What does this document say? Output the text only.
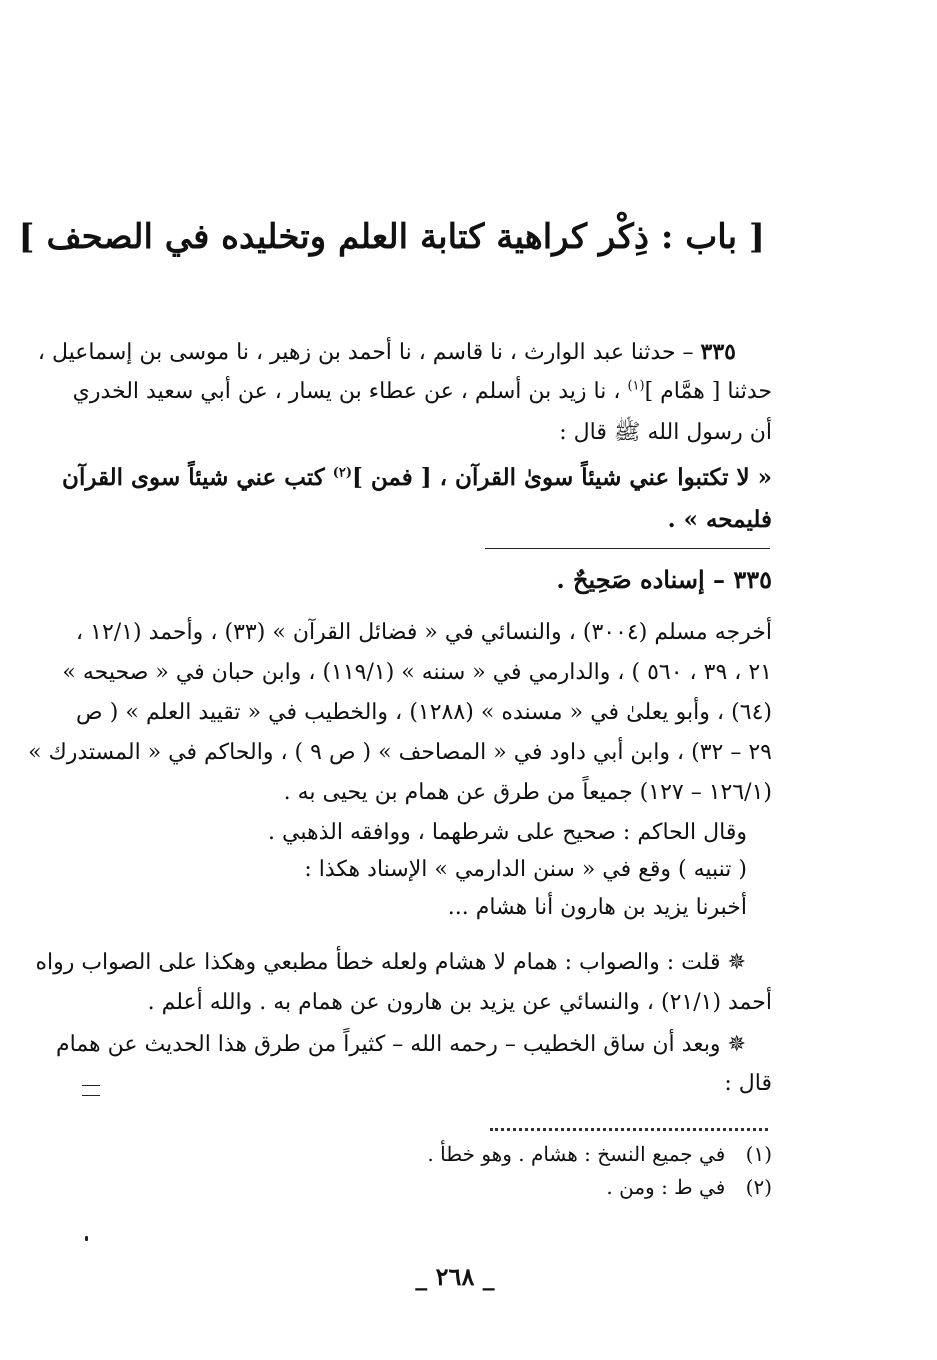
[ باب : ذِكْر كراهية كتابة العلم وتخليده في الصحف ]
٣٣٥ – حدثنا عبد الوارث ، نا قاسم ، نا أحمد بن زهير ، نا موسى بن إسماعيل ،
حدثنا [ همَّام ]$^{(١)}$ ، نا زيد بن أسلم ، عن عطاء بن يسار ، عن أبي سعيد الخدري
أن رسول الله ﷺ قال :
« لا تكتبوا عني شيئاً سوىٰ القرآن ، [ فمن ]$^{(٢)}$ كتب عني شيئاً سوى القرآن
فليمحه » .
٣٣٥ – إسناده صَحِيحٌ .
أخرجه مسلم (٣٠٠٤) ، والنسائي في « فضائل القرآن » (٣٣) ، وأحمد (١٢/١ ،
٢١ ، ٣٩ ، ٥٦٠ ) ، والدارمي في « سننه » (١١٩/١) ، وابن حبان في « صحيحه »
(٦٤) ، وأبو يعلىٰ في « مسنده » (١٢٨٨) ، والخطيب في « تقييد العلم » ( ص
٢٩ – ٣٢) ، وابن أبي داود في « المصاحف » ( ص ٩ ) ، والحاكم في « المستدرك »
(١٢٦/١ – ١٢٧) جميعاً من طرق عن همام بن يحيى به .
وقال الحاكم : صحيح على شرطهما ، ووافقه الذهبي .
( تنبيه ) وقع في « سنن الدارمي » الإسناد هكذا :
أخبرنا يزيد بن هارون أنا هشام ...
✵ قلت : والصواب : همام لا هشام ولعله خطأ مطبعي وهكذا على الصواب رواه
أحمد (٢١/١) ، والنسائي عن يزيد بن هارون عن همام به . والله أعلم .
✵ وبعد أن ساق الخطيب – رحمه الله – كثيراً من طرق هذا الحديث عن همام
قال :
(١) في جميع النسخ : هشام . وهو خطأ .
(٢) في ط : ومن .
_ ٢٦٨ _
